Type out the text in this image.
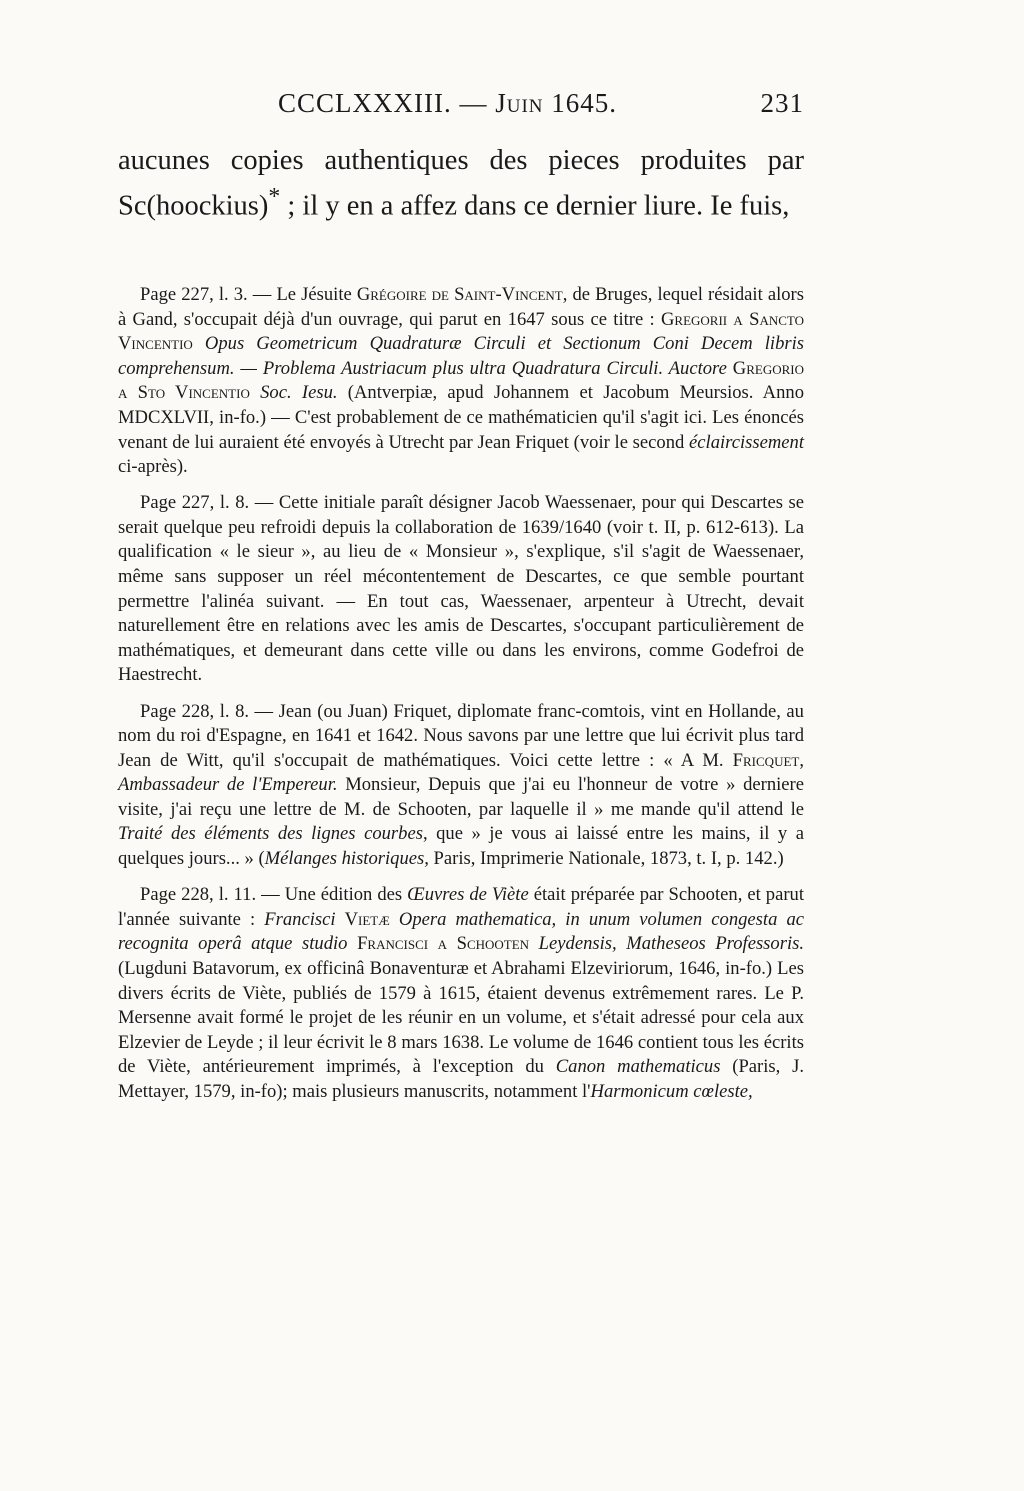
CCCLXXXIII. — Juin 1645.	231

aucunes copies authentiques des pieces produites par Sc(hoockius)* ; il y en a affez dans ce dernier liure. Ie fuis,

Page 227, l. 3. — Le Jésuite Grégoire de Saint-Vincent, de Bruges, lequel résidait alors à Gand, s'occupait déjà d'un ouvrage, qui parut en 1647 sous ce titre : Gregorii a Sancto Vincentio Opus Geometricum Quadraturæ Circuli et Sectionum Coni Decem libris comprehensum. — Problema Austriacum plus ultra Quadratura Circuli. Auctore Gregorio a Sto Vincentio Soc. Iesu. (Antverpiæ, apud Johannem et Jacobum Meursios. Anno MDCXLVII, in-fo.) — C'est probablement de ce mathématicien qu'il s'agit ici. Les énoncés venant de lui auraient été envoyés à Utrecht par Jean Friquet (voir le second éclaircissement ci-après).

Page 227, l. 8. — Cette initiale paraît désigner Jacob Waessenaer, pour qui Descartes se serait quelque peu refroidi depuis la collaboration de 1639/1640 (voir t. II, p. 612-613). La qualification « le sieur », au lieu de « Monsieur », s'explique, s'il s'agit de Waessenaer, même sans supposer un réel mécontentement de Descartes, ce que semble pourtant permettre l'alinéa suivant. — En tout cas, Waessenaer, arpenteur à Utrecht, devait naturellement être en relations avec les amis de Descartes, s'occupant particulièrement de mathématiques, et demeurant dans cette ville ou dans les environs, comme Godefroi de Haestrecht.

Page 228, l. 8. — Jean (ou Juan) Friquet, diplomate franc-comtois, vint en Hollande, au nom du roi d'Espagne, en 1641 et 1642. Nous savons par une lettre que lui écrivit plus tard Jean de Witt, qu'il s'occupait de mathématiques. Voici cette lettre : « A M. Fricquet, Ambassadeur de l'Empereur. Monsieur, Depuis que j'ai eu l'honneur de votre » derniere visite, j'ai reçu une lettre de M. de Schooten, par laquelle il » me mande qu'il attend le Traité des éléments des lignes courbes, que » je vous ai laissé entre les mains, il y a quelques jours... » (Mélanges historiques, Paris, Imprimerie Nationale, 1873, t. I, p. 142.)

Page 228, l. 11. — Une édition des Œuvres de Viète était préparée par Schooten, et parut l'année suivante : Francisci Vietæ Opera mathematica, in unum volumen congesta ac recognita operâ atque studio Francisci a Schooten Leydensis, Matheseos Professoris. (Lugduni Batavorum, ex officinâ Bonaventuræ et Abrahami Elzeviriorum, 1646, in-fo.) Les divers écrits de Viète, publiés de 1579 à 1615, étaient devenus extrêmement rares. Le P. Mersenne avait formé le projet de les réunir en un volume, et s'était adressé pour cela aux Elzevier de Leyde ; il leur écrivit le 8 mars 1638. Le volume de 1646 contient tous les écrits de Viète, antérieurement imprimés, à l'exception du Canon mathematicus (Paris, J. Mettayer, 1579, in-fo); mais plusieurs manuscrits, notamment l'Harmonicum cœleste,
